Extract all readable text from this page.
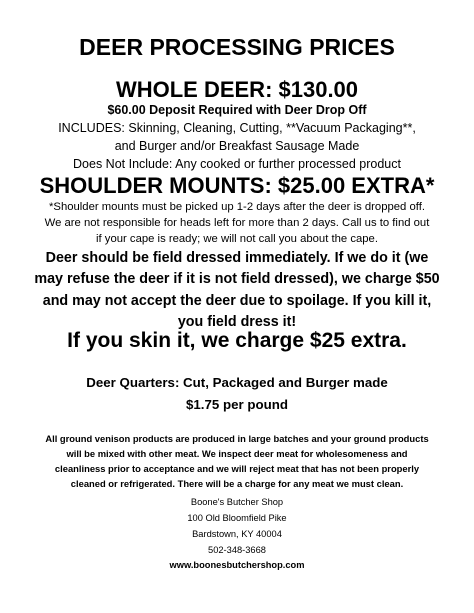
DEER PROCESSING PRICES
WHOLE DEER: $130.00
$60.00 Deposit Required with Deer Drop Off
INCLUDES: Skinning, Cleaning, Cutting, **Vacuum Packaging**,
and Burger and/or Breakfast Sausage Made
Does Not Include: Any cooked or further processed product
SHOULDER MOUNTS: $25.00 EXTRA*
*Shoulder mounts must be picked up 1-2 days after the deer is dropped off.
We are not responsible for heads left for more than 2 days. Call us to find out
if your cape is ready; we will not call you about the cape.
Deer should be field dressed immediately. If we do it (we
may refuse the deer if it is not field dressed), we charge $50
and may not accept the deer due to spoilage. If you kill it,
you field dress it!
If you skin it, we charge $25 extra.
Deer Quarters: Cut, Packaged and Burger made
$1.75 per pound
All ground venison products are produced in large batches and your ground products
will be mixed with other meat. We inspect deer meat for wholesomeness and
cleanliness prior to acceptance and we will reject meat that has not been properly
cleaned or refrigerated. There will be a charge for any meat we must clean.
Boone's Butcher Shop
100 Old Bloomfield Pike
Bardstown, KY 40004
502-348-3668
www.boonesbutchershop.com
